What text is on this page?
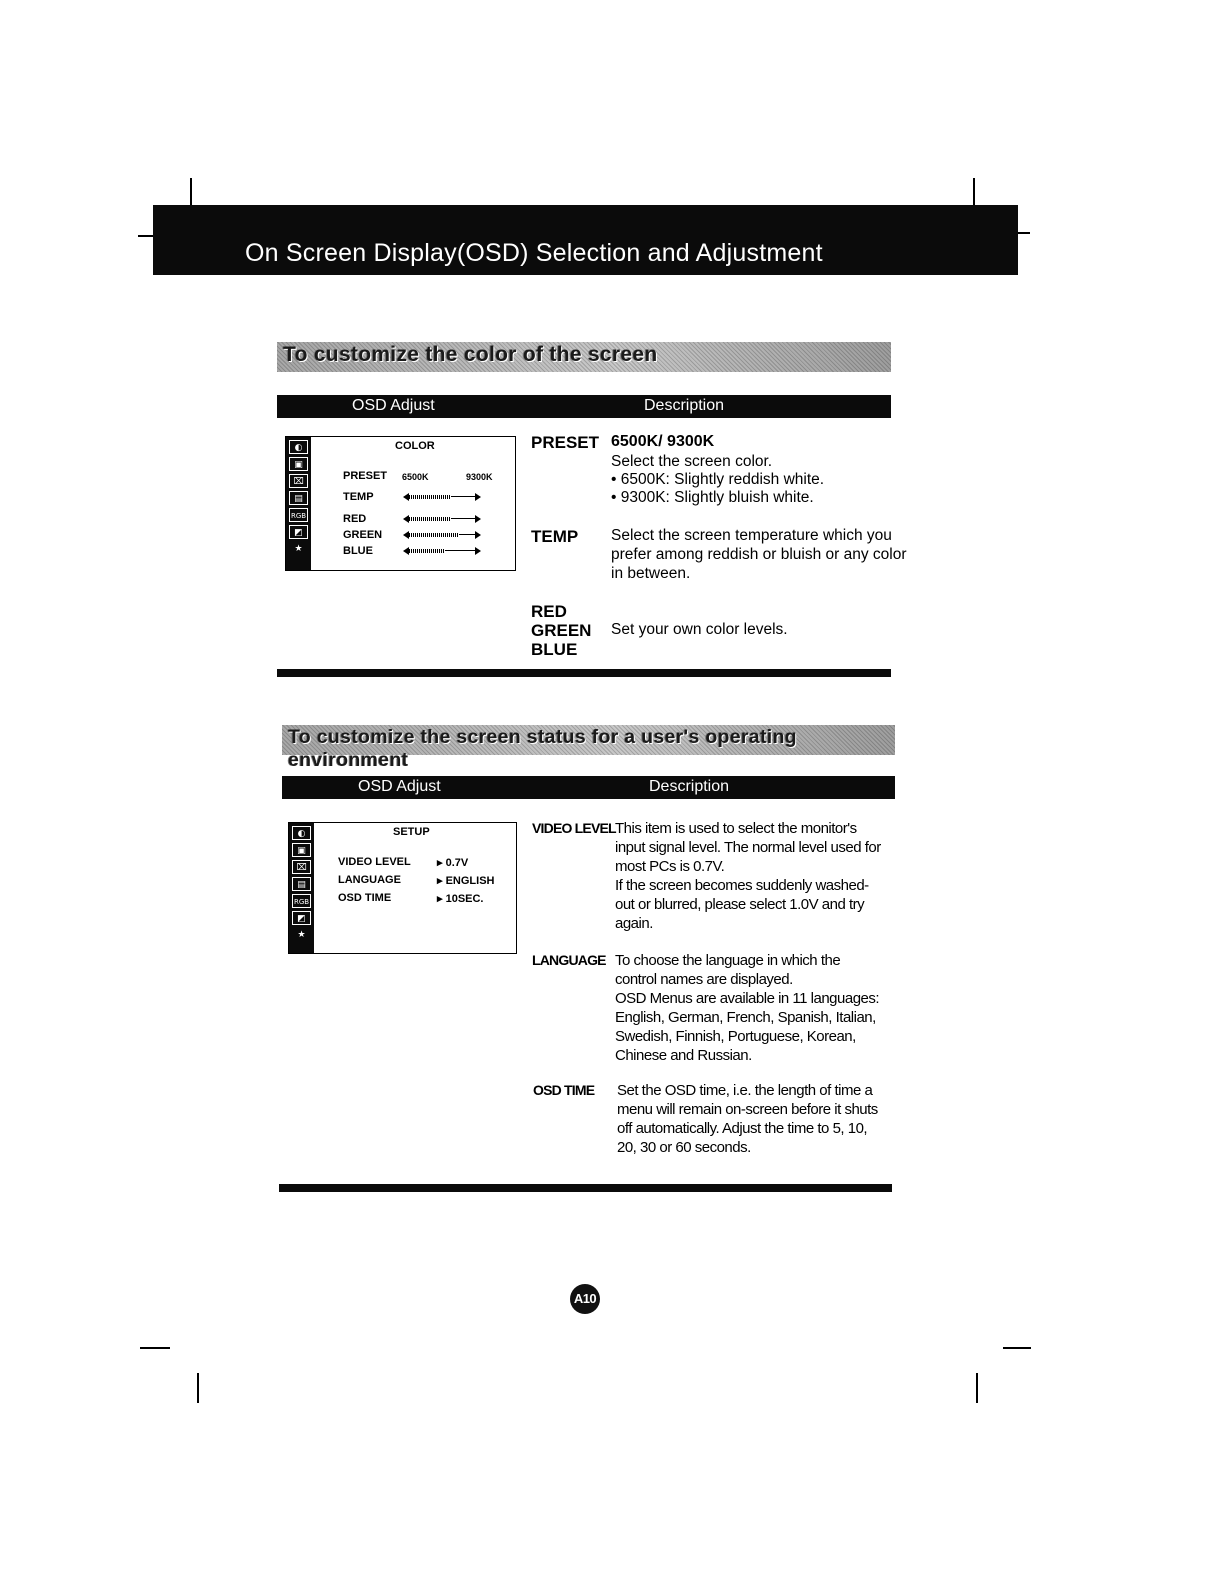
On Screen Display(OSD) Selection and Adjustment
To customize the color of the screen
OSD Adjust	Description
◐
▣
⌧
▤
RGB
◩
★
COLOR
PRESET 6500K	9300K
TEMP
RED
GREEN
BLUE
PRESET 6500K/ 9300K
Select the screen color.
• 6500K: Slightly reddish white.
• 9300K: Slightly bluish white.
TEMP Select the screen temperature which you
prefer among reddish or bluish or any color
in between.
RED
GREEN
BLUE
Set your own color levels.
To customize the screen status for a user's operating environment
OSD Adjust	Description
◐
▣
⌧
▤
RGB
◩
★
SETUP
VIDEO LEVEL ▸ 0.7V
LANGUAGE	▸ ENGLISH
OSD TIME	▸ 10SEC.
VIDEO LEVEL This item is used to select the monitor's
input signal level. The normal level used for
most PCs is 0.7V.
If the screen becomes suddenly washed-
out or blurred, please select 1.0V and try
again.
LANGUAGE To choose the language in which the
control names are displayed.
OSD Menus are available in 11 languages:
English, German, French, Spanish, Italian,
Swedish, Finnish, Portuguese, Korean,
Chinese and Russian.
OSD TIME Set the OSD time, i.e. the length of time a
menu will remain on-screen before it shuts
off automatically. Adjust the time to 5, 10,
20, 30 or 60 seconds.
A10
